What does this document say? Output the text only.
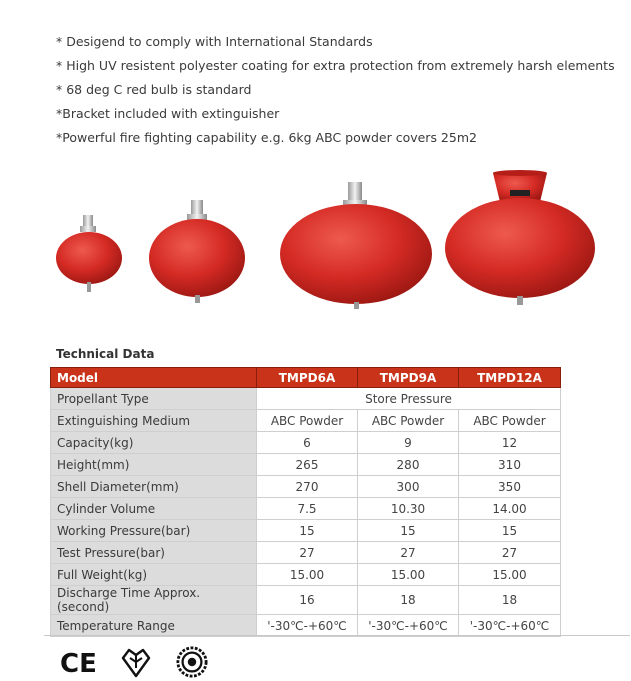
* Desigend to comply with International Standards
* High UV resistent polyester coating for extra protection from extremely harsh elements
* 68 deg C red bulb is standard
*Bracket included with extinguisher
*Powerful fire fighting capability e.g. 6kg ABC powder covers 25m2
Technical Data
Model	TMPD6A	TMPD9A	TMPD12A
Propellant Type	Store Pressure		
Extinguishing Medium	ABC Powder	ABC Powder	ABC Powder
Capacity(kg)	6	9	12
Height(mm)	265	280	310
Shell Diameter(mm)	270	300	350
Cylinder Volume	7.5	10.30	14.00
Working Pressure(bar)	15	15	15
Test Pressure(bar)	27	27	27
Full Weight(kg)	15.00	15.00	15.00
Discharge Time Approx.(second)	16	18	18
Temperature Range	'-30℃-+60℃	'-30℃-+60℃	'-30℃-+60℃
CE
